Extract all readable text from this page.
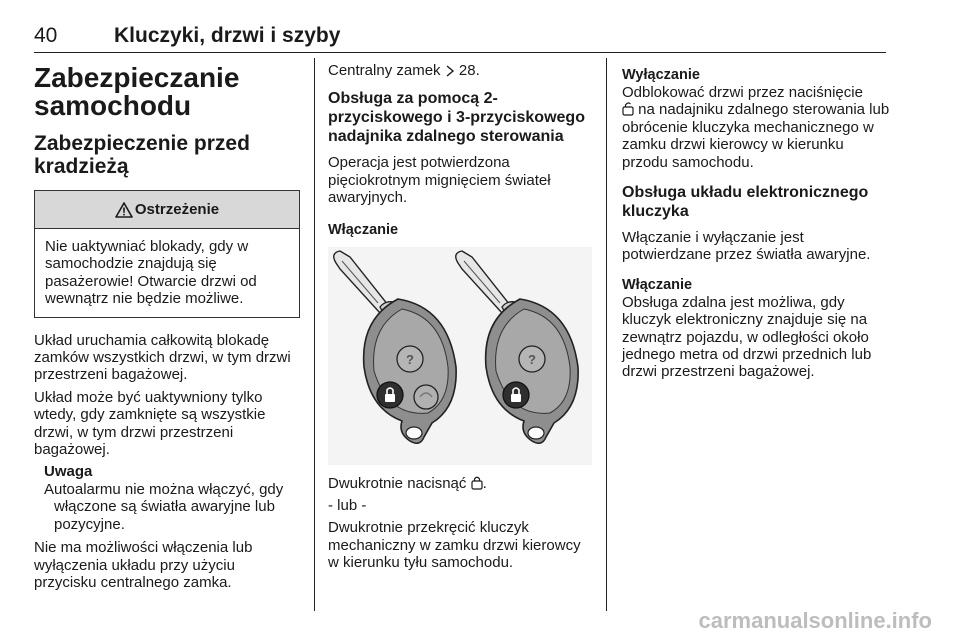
40	Kluczyki, drzwi i szyby
Zabezpieczanie samochodu
Zabezpieczenie przed kradzieżą
Ostrzeżenie
Nie uaktywniać blokady, gdy w samochodzie znajdują się pasażerowie! Otwarcie drzwi od wewnątrz nie będzie możliwe.

Układ uruchamia całkowitą blokadę zamków wszystkich drzwi, w tym drzwi przestrzeni bagażowej.

Układ może być uaktywniony tylko wtedy, gdy zamknięte są wszystkie drzwi, w tym drzwi przestrzeni bagażowej.

Uwaga
Autoalarmu nie można włączyć, gdy
włączone są światła awaryjne lub
pozycyjne.

Nie ma możliwości włączenia lub wyłączenia układu przy użyciu przycisku centralnego zamka.

Centralny zamek 28.

Obsługa za pomocą 2-przyciskowego i 3-przyciskowego nadajnika zdalnego sterowania

Operacja jest potwierdzona pięciokrotnym mignięciem świateł awaryjnych.

Włączanie
?	?

Dwukrotnie nacisnąć .

- lub -

Dwukrotnie przekręcić kluczyk mechaniczny w zamku drzwi kierowcy w kierunku tyłu samochodu.

Wyłączanie

Odblokować drzwi przez naciśnięcie
na nadajniku zdalnego sterowania lub obrócenie kluczyka mechanicznego w zamku drzwi kierowcy w kierunku przodu samochodu.

Obsługa układu elektronicznego kluczyka

Włączanie i wyłączanie jest potwierdzane przez światła awaryjne.

Włączanie

Obsługa zdalna jest możliwa, gdy kluczyk elektroniczny znajduje się na zewnątrz pojazdu, w odległości około jednego metra od drzwi przednich lub drzwi przestrzeni bagażowej.

carmanualsonline.info
